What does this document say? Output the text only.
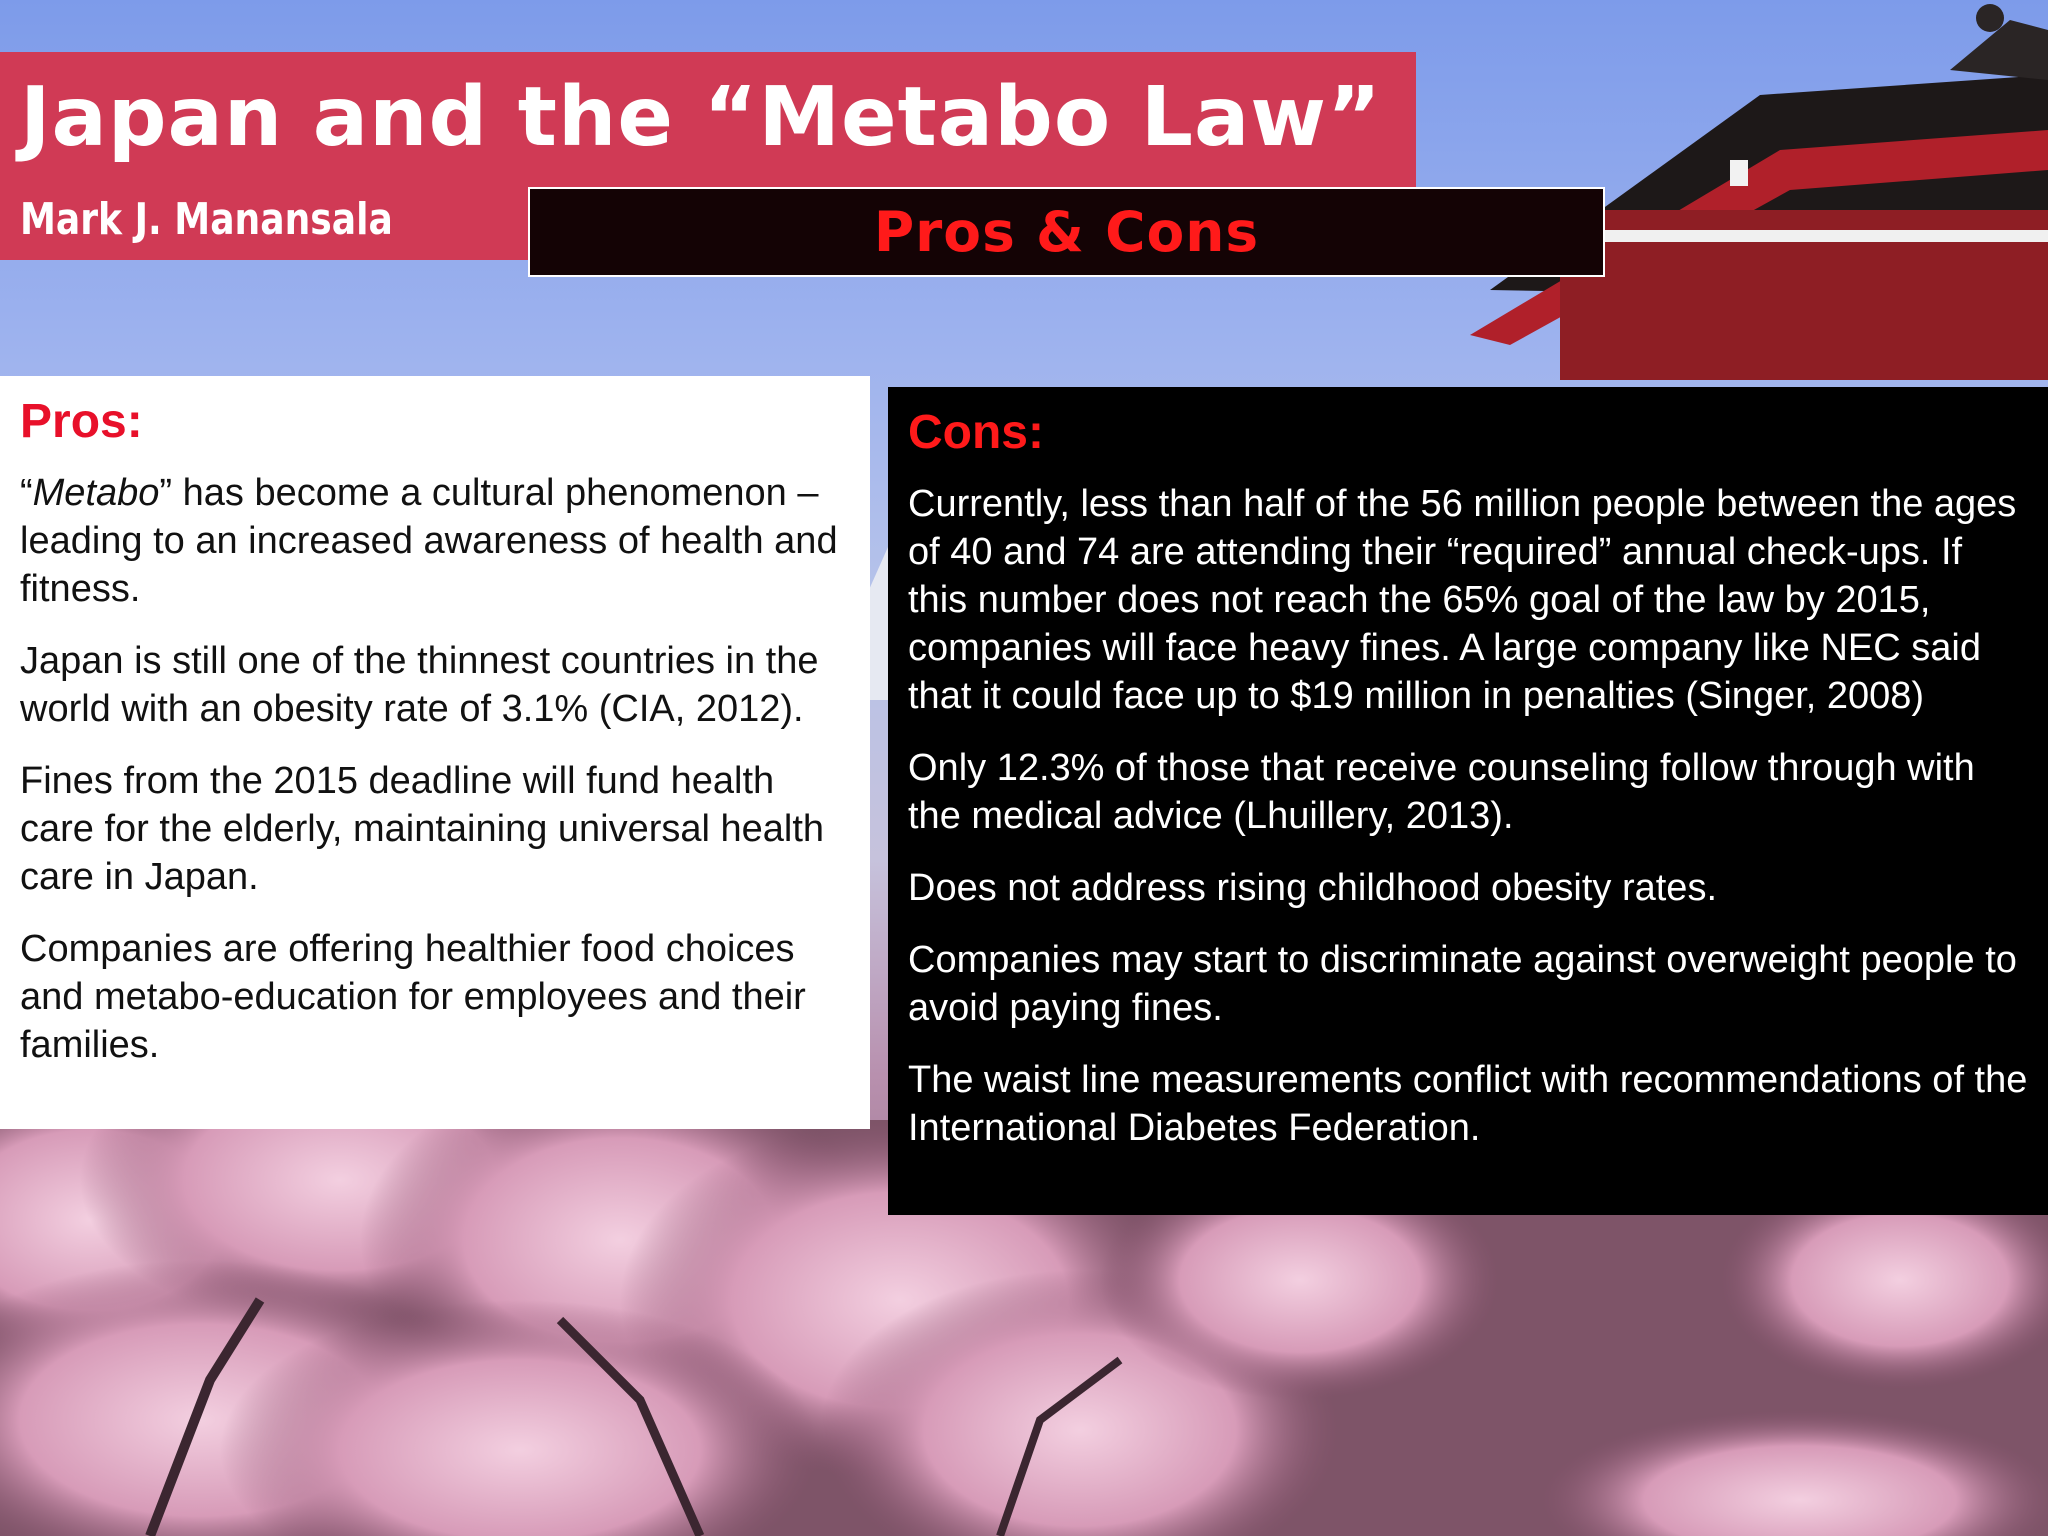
Japan and the “Metabo Law”
Mark J. Manansala	Pros & Cons
Pros:

“Metabo” has become a cultural phenomenon – leading to an increased awareness of health and fitness.

Japan is still one of the thinnest countries in the world with an obesity rate of 3.1% (CIA, 2012).

Fines from the 2015 deadline will fund health care for the elderly, maintaining universal health care in Japan.

Companies are offering healthier food choices and metabo-education for employees and their families.

Cons:

Currently, less than half of the 56 million people between the ages of 40 and 74 are attending their “required” annual check-ups. If this number does not reach the 65% goal of the law by 2015, companies will face heavy fines. A large company like NEC said that it could face up to $19 million in penalties (Singer, 2008)

Only 12.3% of those that receive counseling follow through with the medical advice (Lhuillery, 2013).

Does not address rising childhood obesity rates.

Companies may start to discriminate against overweight people to avoid paying fines.

The waist line measurements conflict with recommendations of the International Diabetes Federation.
